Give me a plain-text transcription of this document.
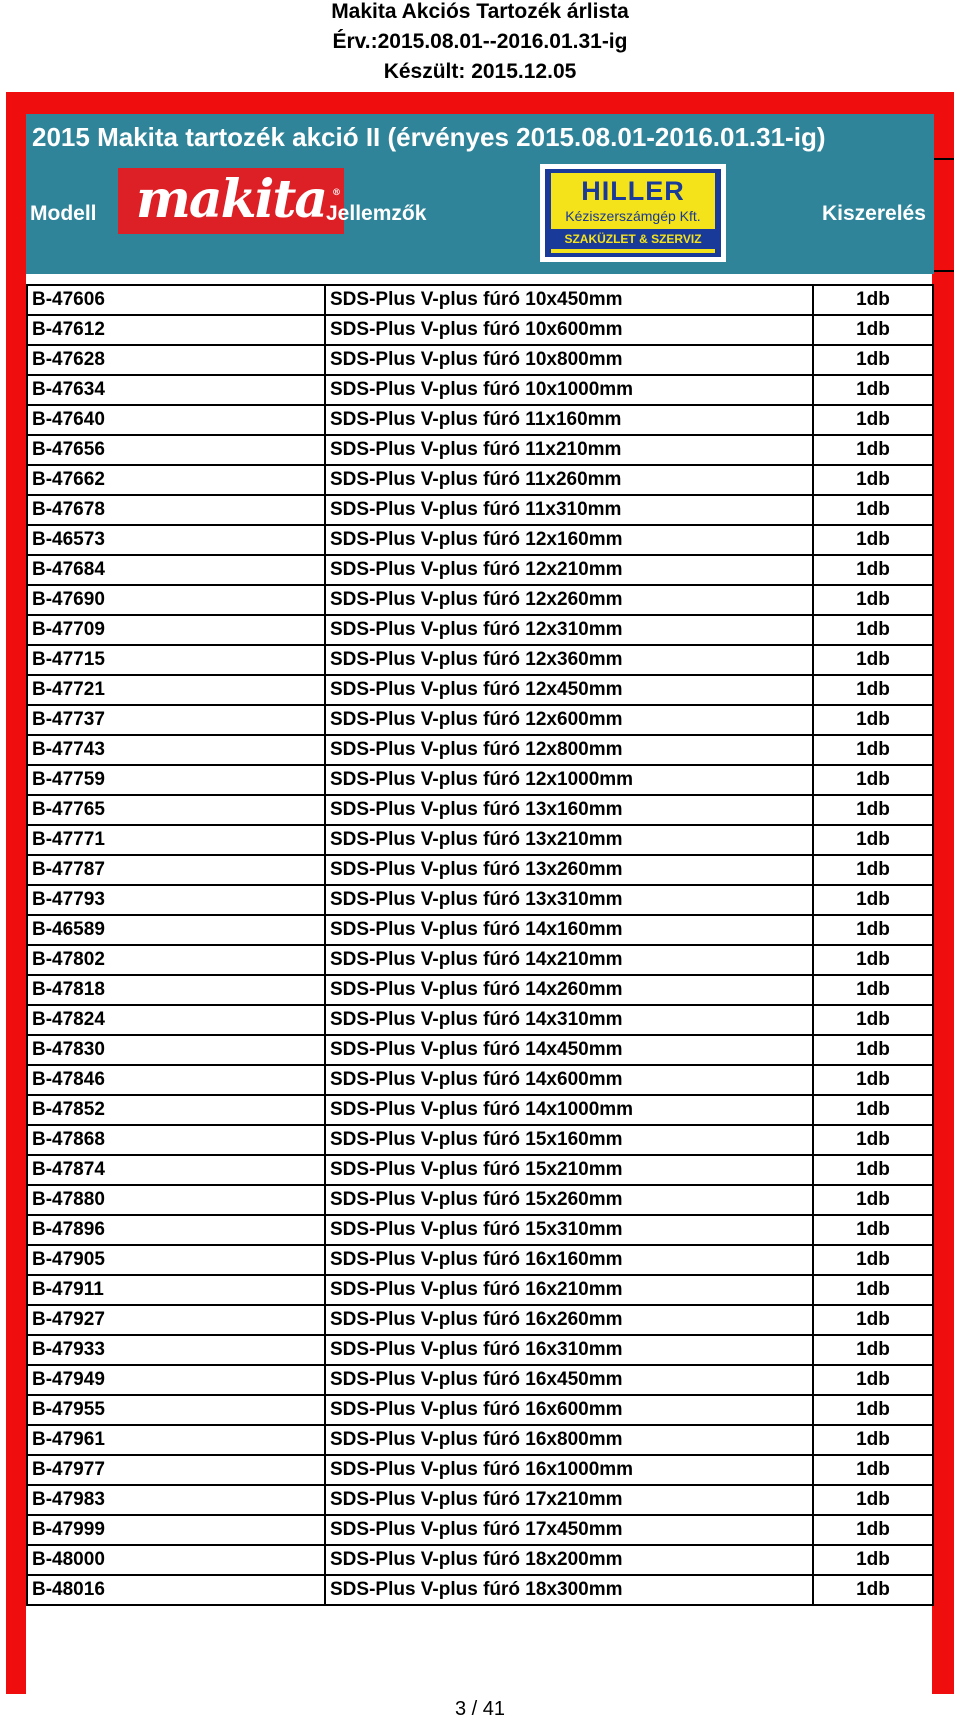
Makita Akciós Tartozék árlista
Érv.:2015.08.01--2016.01.31-ig
Készült: 2015.12.05
2015 Makita tartozék akció II (érvényes 2015.08.01-2016.01.31-ig)
Modell makita ®
Jellemzők
HILLER
Kéziszerszámgép Kft.
SZAKÜZLET & SZERVIZ
Kiszerelés
B-47606	SDS-Plus V-plus fúró 10x450mm	1db
B-47612	SDS-Plus V-plus fúró 10x600mm	1db
B-47628	SDS-Plus V-plus fúró 10x800mm	1db
B-47634	SDS-Plus V-plus fúró 10x1000mm	1db
B-47640	SDS-Plus V-plus fúró 11x160mm	1db
B-47656	SDS-Plus V-plus fúró 11x210mm	1db
B-47662	SDS-Plus V-plus fúró 11x260mm	1db
B-47678	SDS-Plus V-plus fúró 11x310mm	1db
B-46573	SDS-Plus V-plus fúró 12x160mm	1db
B-47684	SDS-Plus V-plus fúró 12x210mm	1db
B-47690	SDS-Plus V-plus fúró 12x260mm	1db
B-47709	SDS-Plus V-plus fúró 12x310mm	1db
B-47715	SDS-Plus V-plus fúró 12x360mm	1db
B-47721	SDS-Plus V-plus fúró 12x450mm	1db
B-47737	SDS-Plus V-plus fúró 12x600mm	1db
B-47743	SDS-Plus V-plus fúró 12x800mm	1db
B-47759	SDS-Plus V-plus fúró 12x1000mm	1db
B-47765	SDS-Plus V-plus fúró 13x160mm	1db
B-47771	SDS-Plus V-plus fúró 13x210mm	1db
B-47787	SDS-Plus V-plus fúró 13x260mm	1db
B-47793	SDS-Plus V-plus fúró 13x310mm	1db
B-46589	SDS-Plus V-plus fúró 14x160mm	1db
B-47802	SDS-Plus V-plus fúró 14x210mm	1db
B-47818	SDS-Plus V-plus fúró 14x260mm	1db
B-47824	SDS-Plus V-plus fúró 14x310mm	1db
B-47830	SDS-Plus V-plus fúró 14x450mm	1db
B-47846	SDS-Plus V-plus fúró 14x600mm	1db
B-47852	SDS-Plus V-plus fúró 14x1000mm	1db
B-47868	SDS-Plus V-plus fúró 15x160mm	1db
B-47874	SDS-Plus V-plus fúró 15x210mm	1db
B-47880	SDS-Plus V-plus fúró 15x260mm	1db
B-47896	SDS-Plus V-plus fúró 15x310mm	1db
B-47905	SDS-Plus V-plus fúró 16x160mm	1db
B-47911	SDS-Plus V-plus fúró 16x210mm	1db
B-47927	SDS-Plus V-plus fúró 16x260mm	1db
B-47933	SDS-Plus V-plus fúró 16x310mm	1db
B-47949	SDS-Plus V-plus fúró 16x450mm	1db
B-47955	SDS-Plus V-plus fúró 16x600mm	1db
B-47961	SDS-Plus V-plus fúró 16x800mm	1db
B-47977	SDS-Plus V-plus fúró 16x1000mm	1db
B-47983	SDS-Plus V-plus fúró 17x210mm	1db
B-47999	SDS-Plus V-plus fúró 17x450mm	1db
B-48000	SDS-Plus V-plus fúró 18x200mm	1db
B-48016	SDS-Plus V-plus fúró 18x300mm	1db
3 / 41
